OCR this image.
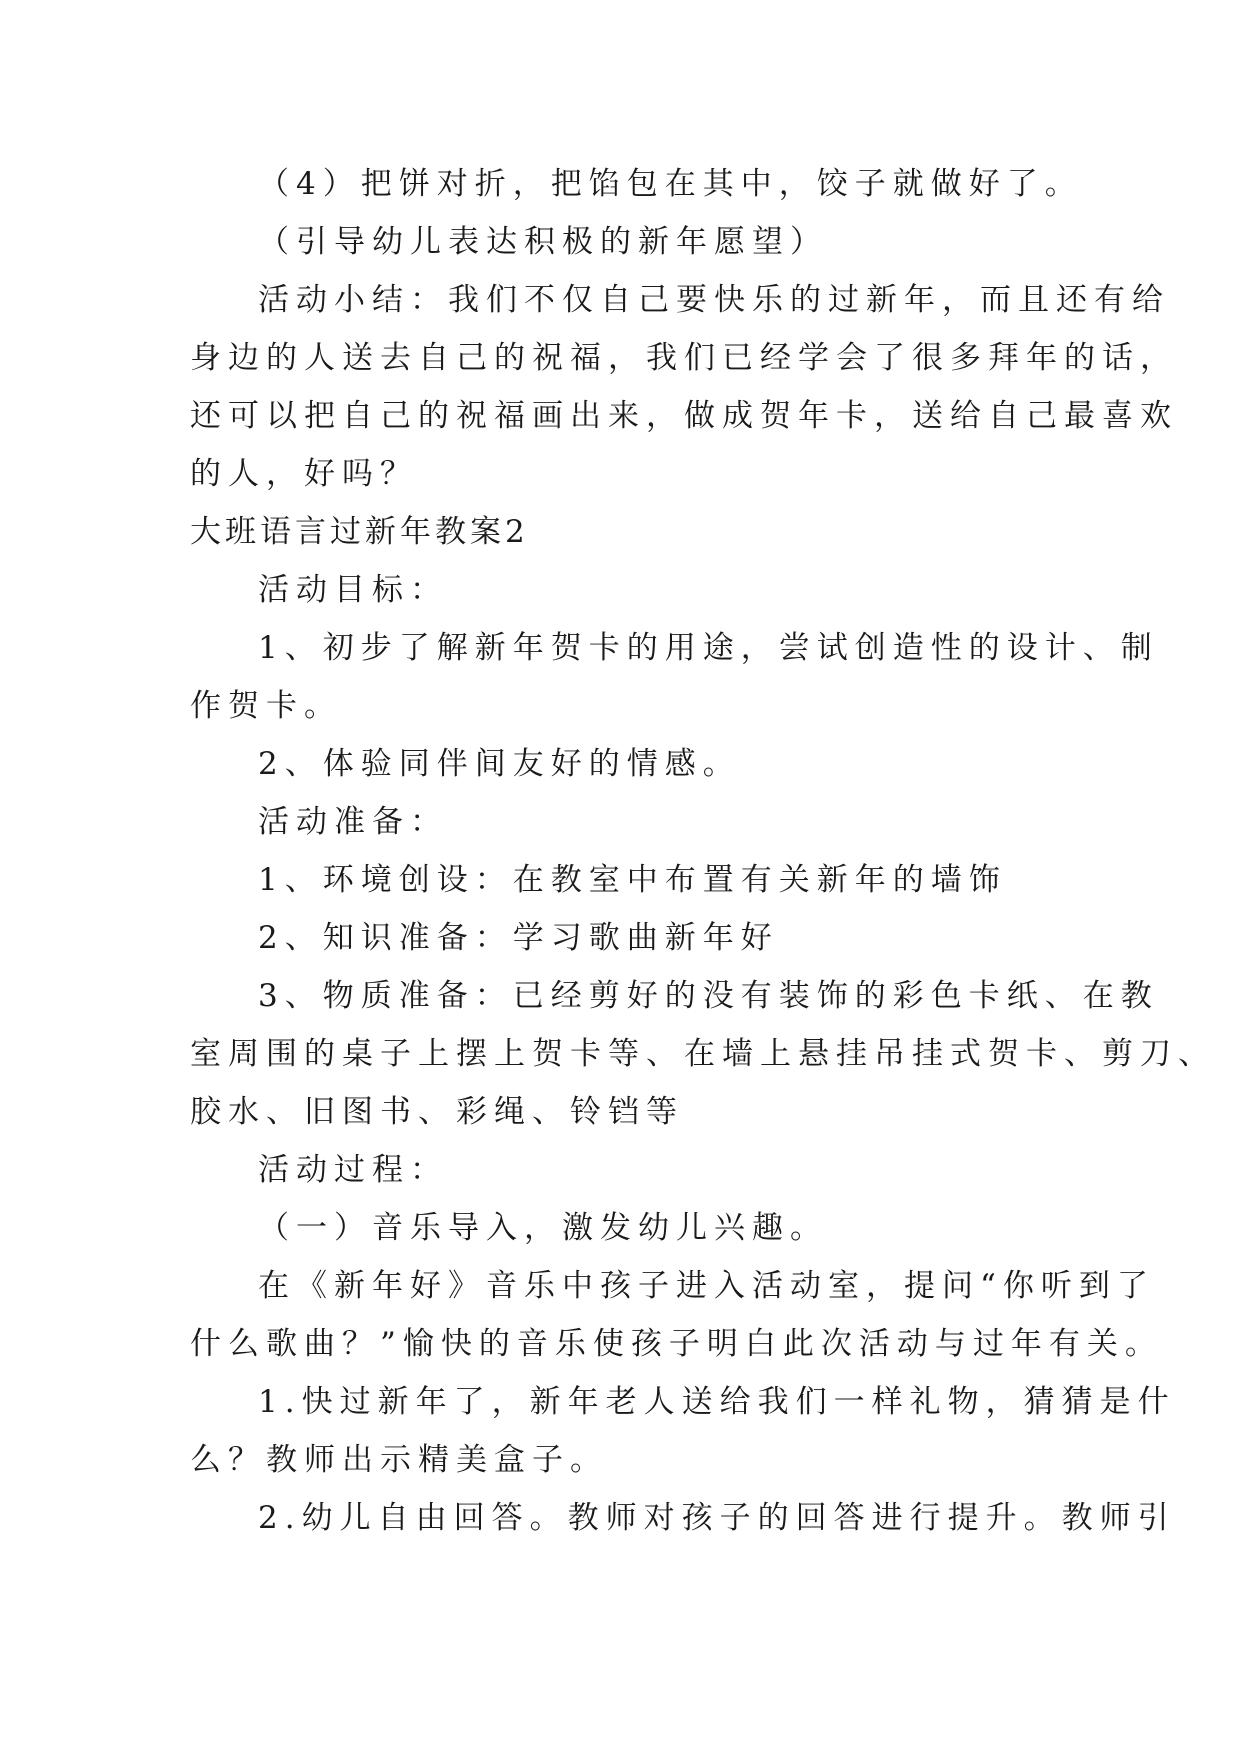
（4）把饼对折，把馅包在其中，饺子就做好了。
（引导幼儿表达积极的新年愿望）
活动小结：我们不仅自己要快乐的过新年，而且还有给
身边的人送去自己的祝福，我们已经学会了很多拜年的话，
还可以把自己的祝福画出来，做成贺年卡，送给自己最喜欢
的人，好吗？
大班语言过新年教案2
活动目标：
1、初步了解新年贺卡的用途，尝试创造性的设计、制
作贺卡。
2、体验同伴间友好的情感。
活动准备：
1、环境创设：在教室中布置有关新年的墙饰
2、知识准备：学习歌曲新年好
3、物质准备：已经剪好的没有装饰的彩色卡纸、在教
室周围的桌子上摆上贺卡等、在墙上悬挂吊挂式贺卡、剪刀、
胶水、旧图书、彩绳、铃铛等
活动过程：
（一）音乐导入，激发幼儿兴趣。
在《新年好》音乐中孩子进入活动室，提问“你听到了
什么歌曲？”愉快的音乐使孩子明白此次活动与过年有关。
1.快过新年了，新年老人送给我们一样礼物，猜猜是什
么？教师出示精美盒子。
2.幼儿自由回答。教师对孩子的回答进行提升。教师引
